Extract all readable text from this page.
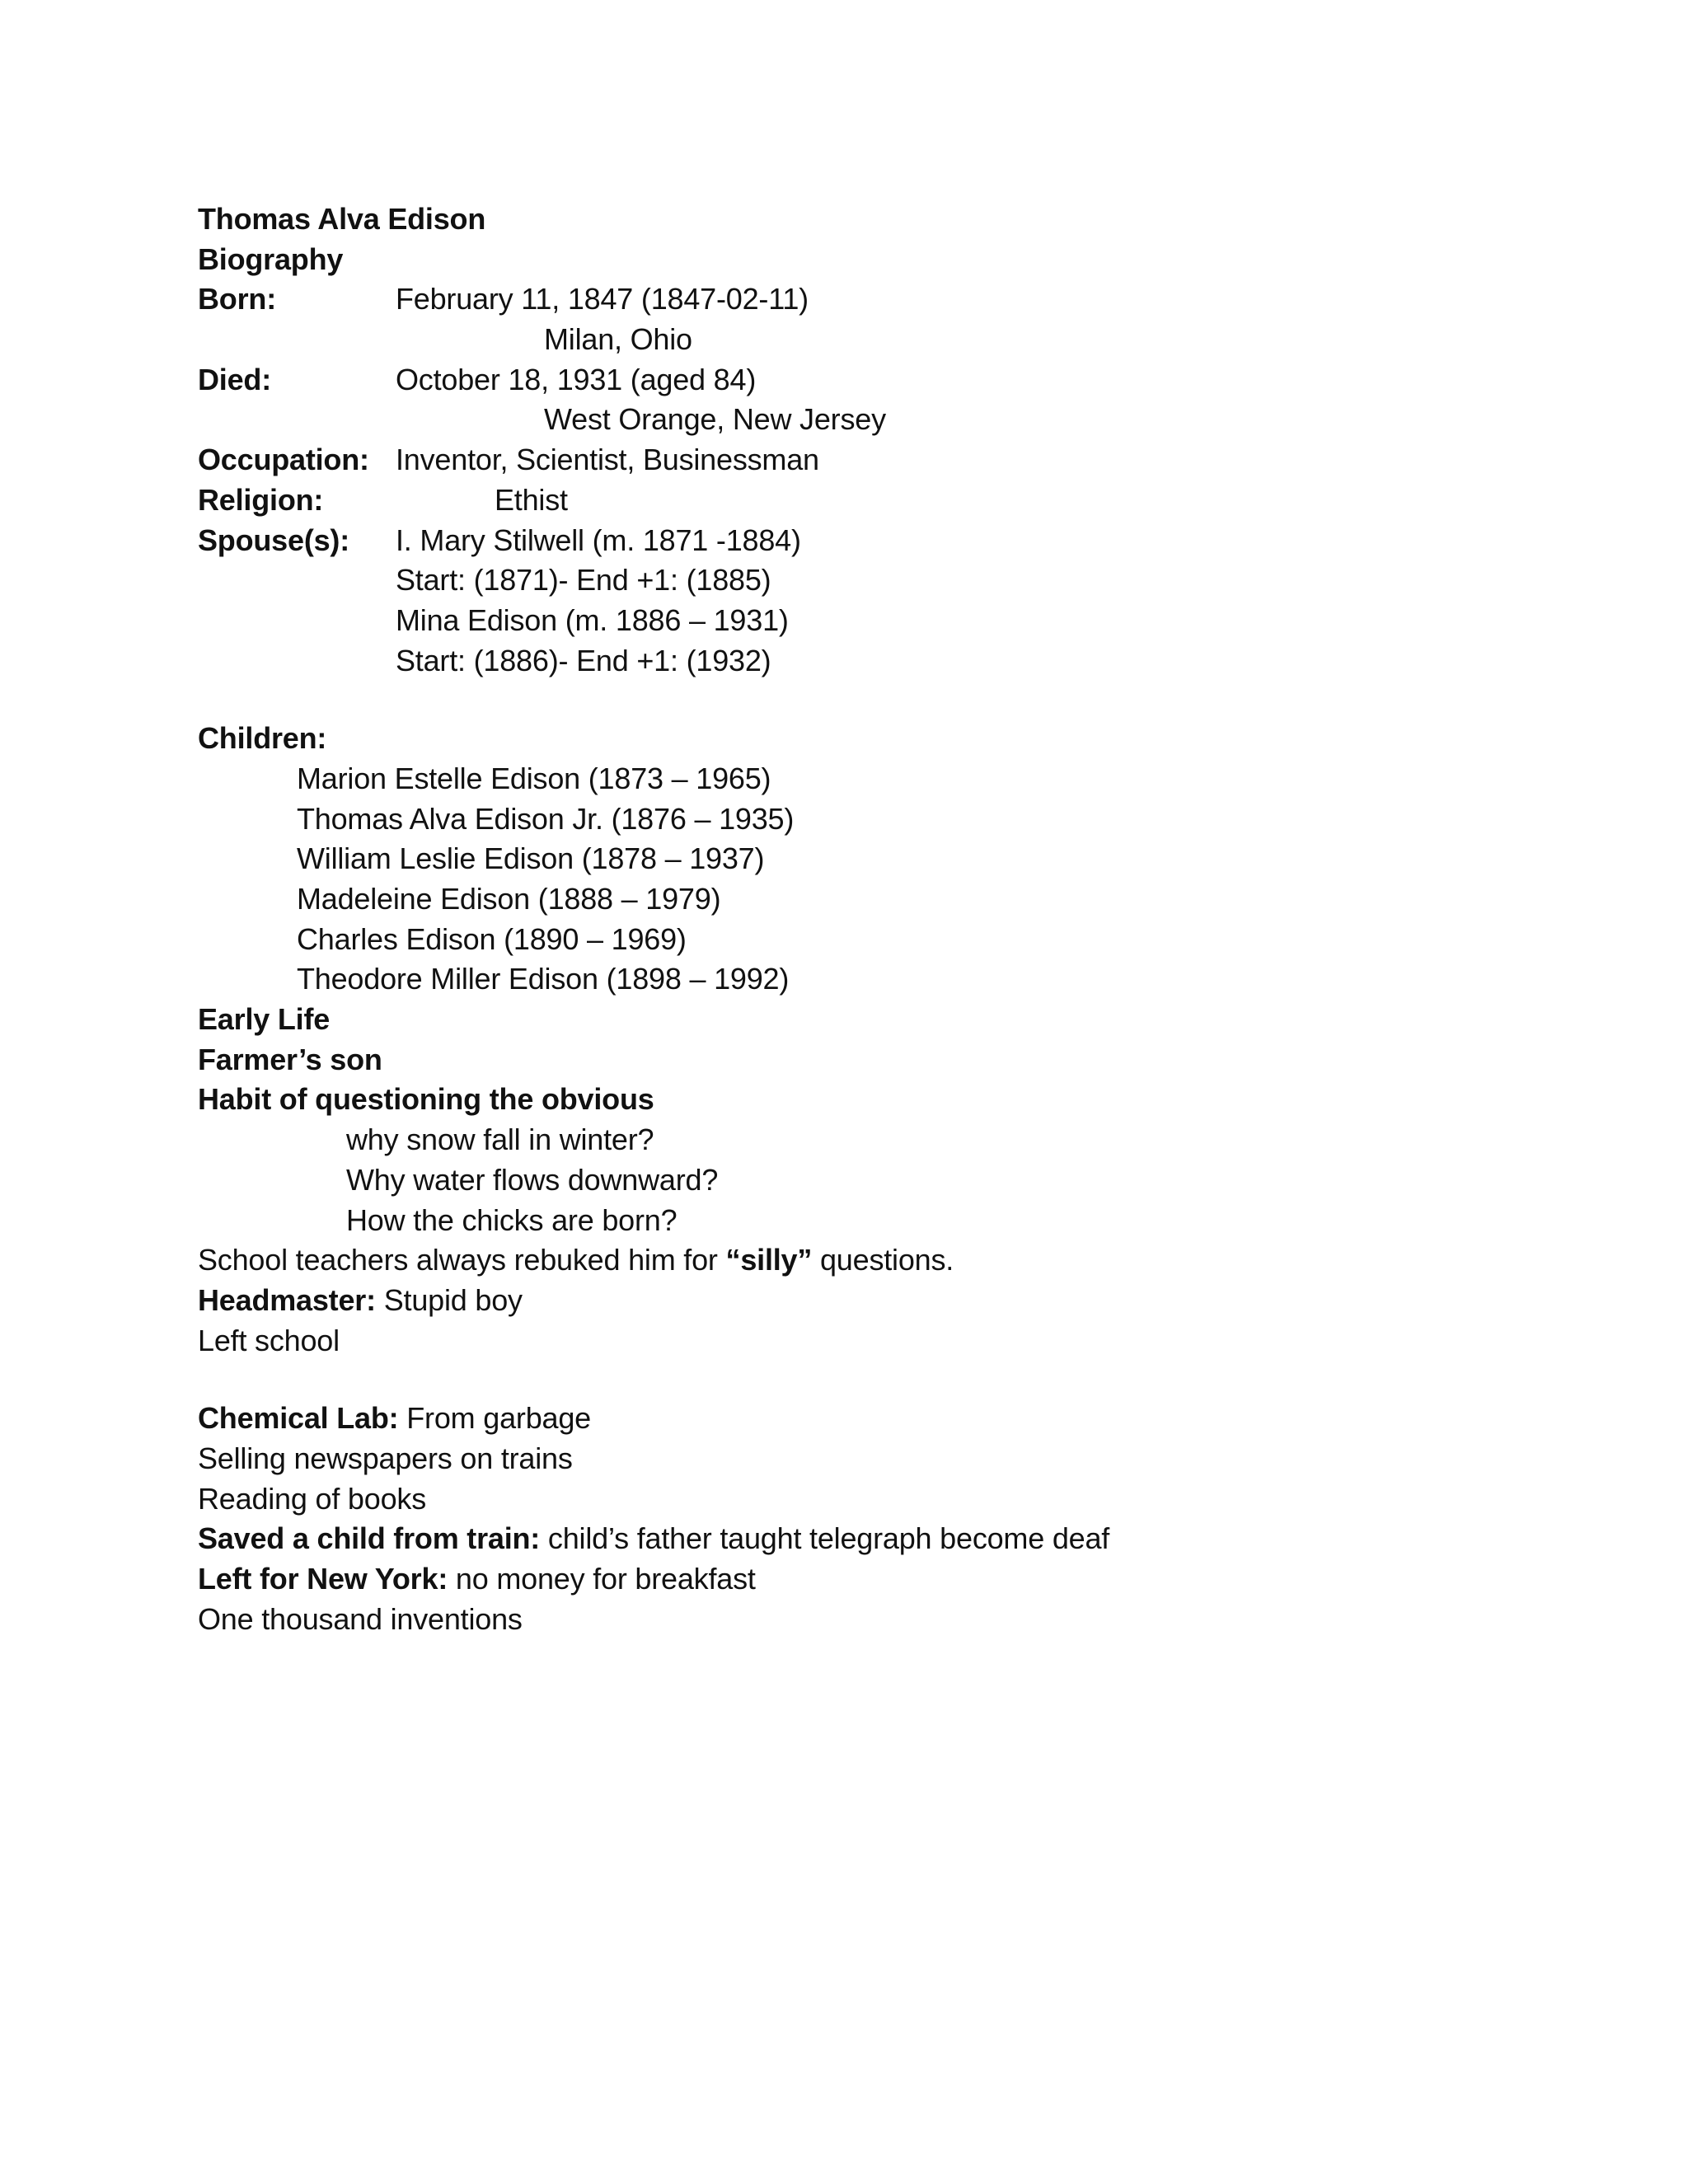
Thomas Alva Edison
Biography
Born:	February 11, 1847 (1847-02-11)
Milan, Ohio
Died:	October 18, 1931 (aged 84)
West Orange, New Jersey
Occupation: Inventor, Scientist, Businessman
Religion:	Ethist
Spouse(s): I. Mary Stilwell (m. 1871 -1884)
Start: (1871)- End +1: (1885)
Mina Edison (m. 1886 – 1931)
Start: (1886)- End +1: (1932)
Children:
Marion Estelle Edison (1873 – 1965)
Thomas Alva Edison Jr. (1876 – 1935)
William Leslie Edison (1878 – 1937)
Madeleine Edison (1888 – 1979)
Charles Edison (1890 – 1969)
Theodore Miller Edison (1898 – 1992)
Early Life
Farmer’s son
Habit of questioning the obvious
why snow fall in winter?
Why water flows downward?
How the chicks are born?
School teachers always rebuked him for “silly” questions.
Headmaster: Stupid boy
Left school
Chemical Lab: From garbage
Selling newspapers on trains
Reading of books
Saved a child from train: child’s father taught telegraph become deaf
Left for New York: no money for breakfast
One thousand inventions
